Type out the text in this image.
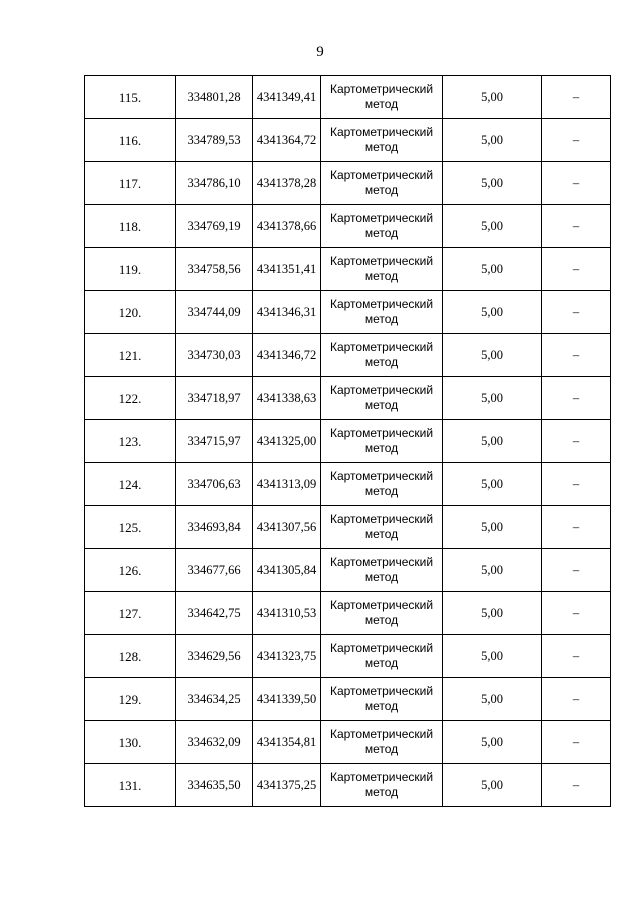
9
115.	334801,28	4341349,41	Картометрический метод	5,00	–
116.	334789,53	4341364,72	Картометрический метод	5,00	–
117.	334786,10	4341378,28	Картометрический метод	5,00	–
118.	334769,19	4341378,66	Картометрический метод	5,00	–
119.	334758,56	4341351,41	Картометрический метод	5,00	–
120.	334744,09	4341346,31	Картометрический метод	5,00	–
121.	334730,03	4341346,72	Картометрический метод	5,00	–
122.	334718,97	4341338,63	Картометрический метод	5,00	–
123.	334715,97	4341325,00	Картометрический метод	5,00	–
124.	334706,63	4341313,09	Картометрический метод	5,00	–
125.	334693,84	4341307,56	Картометрический метод	5,00	–
126.	334677,66	4341305,84	Картометрический метод	5,00	–
127.	334642,75	4341310,53	Картометрический метод	5,00	–
128.	334629,56	4341323,75	Картометрический метод	5,00	–
129.	334634,25	4341339,50	Картометрический метод	5,00	–
130.	334632,09	4341354,81	Картометрический метод	5,00	–
131.	334635,50	4341375,25	Картометрический метод	5,00	–
